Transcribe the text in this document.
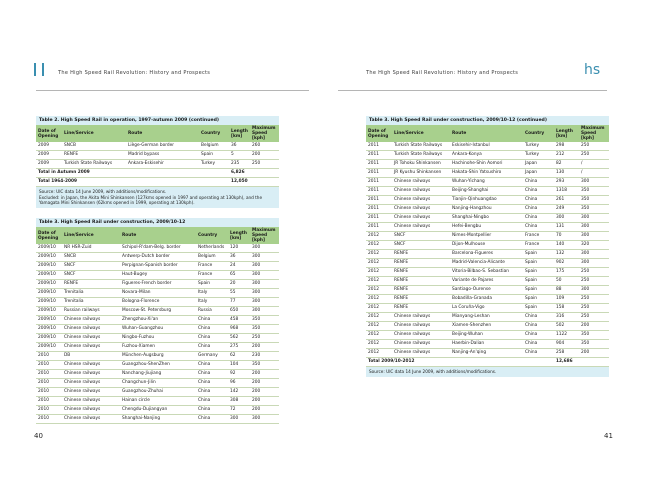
The High Speed Rail Revolution: History and Prospects
Table 2. High Speed Rail in operation, 1997-autumn 2009 (continued)
Date of Opening	Line/Service	Route	Country	Length [km]	Maximum Speed [kph]
2009	SNCB	Liège-German border	Belgium	36	260
2009	RENFE	Madrid bypass	Spain	5	200
2009	Turkish State Railways	Ankara-Eskisehir	Turkey	235	250
Total in Autumn 2009				6,826	
Total 1964-2009				12,050	
Source: UIC data 14 June 2009, with additions/modifications.
Excluded: in Japan, the Akita Mini Shinkansen (127kms opened in 1997 and operating at 130kph), and the Yamagata Mini Shinkansen (62kms opened in 1999, operating at 130kph).
Table 3. High Speed Rail under construction, 2009/10-12
Date of Opening	Line/Service	Route	Country	Length [km]	Maximum Speed [kph]
2009/10	NR HSR-Zuid	Schipol-R'dam-Belg. border	Netherlands	120	300
2009/10	SNCB	Antwerp-Dutch border	Belgium	36	300
2009/10	SNCF	Perpignan-Spanish border	France	24	300
2009/10	SNCF	Haut-Bugey	France	65	300
2009/10	RENFE	Figueres-French border	Spain	20	300
2009/10	Trenitalia	Novara-Milan	Italy	55	300
2009/10	Trenitalia	Bologna-Florence	Italy	77	300
2009/10	Russian railways	Moscow-St. Petersburg	Russia	650	300
2009/10	Chinese railways	Zhengzhou-Xi'an	China	458	350
2009/10	Chinese railways	Wuhan-Guangzhou	China	968	350
2009/10	Chinese railways	Ningbo-Fuzhou	China	562	250
2009/10	Chinese railways	Fuzhou-Xiamen	China	275	200
2010	DB	München-Augsburg	Germany	62	230
2010	Chinese railways	Guangzhou-ShenZhen	China	104	350
2010	Chinese railways	Nanchang-Jiujiang	China	92	200
2010	Chinese railways	Changchun-Jilin	China	96	200
2010	Chinese railways	Guangzhou-Zhuhai	China	142	200
2010	Chinese railways	Hainan circle	China	308	200
2010	Chinese railways	Chengdu-Dujiangyan	China	72	200
2010	Chinese railways	Shanghai-Nanjing	China	300	300
40
The High Speed Rail Revolution: History and Prospects	hs
Table 3. High Speed Rail under construction, 2009/10-12 (continued)
Date of Opening	Line/Service	Route	Country	Length [km]	Maximum Speed [kph]
2011	Turkish State Railways	Eskisehir-Istanbul	Turkey	298	250
2011	Turkish State Railways	Ankara-Konya	Turkey	212	250
2011	JR Tohoku Shinkansen	Hachinohe-Shin Aomori	Japan	82	/
2011	JR Kyushu Shinkansen	Hakata-Shin Yatsushiro	Japan	130	/
2011	Chinese railways	Wuhan-Yichang	China	293	300
2011	Chinese railways	Beijing-Shanghai	China	1318	350
2011	Chinese railways	Tianjin-Qinhuangdao	China	261	350
2011	Chinese railways	Nanjing-Hangzhou	China	249	350
2011	Chinese railways	Shanghai-Ningbo	China	300	300
2011	Chinese railways	Hefei-Bengbu	China	131	300
2012	SNCF	Nimes-Montpellier	France	70	300
2012	SNCF	Dijon-Mulhouse	France	140	320
2012	RENFE	Barcelona-Figueres	Spain	132	300
2012	RENFE	Madrid-Valencia-Alicante	Spain	902	300
2012	RENFE	Vitoria-Bilbao-S. Sebastian	Spain	175	250
2012	RENFE	Variante de Pajares	Spain	50	250
2012	RENFE	Santiago-Ourense	Spain	88	300
2012	RENFE	Bobadilla-Granada	Spain	109	250
2012	RENFE	La Coruña-Vigo	Spain	158	250
2012	Chinese railways	Mianyang-Leshan	China	316	250
2012	Chinese railways	Xiamen-Shenzhen	China	502	200
2012	Chinese railways	Beijing-Wuhan	China	1122	350
2012	Chinese railways	Haerbin-Dalian	China	904	350
2012	Chinese railways	Nanjing-An'qing	China	258	200
Total 2009/10-2012				12,686	
Source: UIC data 14 June 2009, with additions/modifications.
41
